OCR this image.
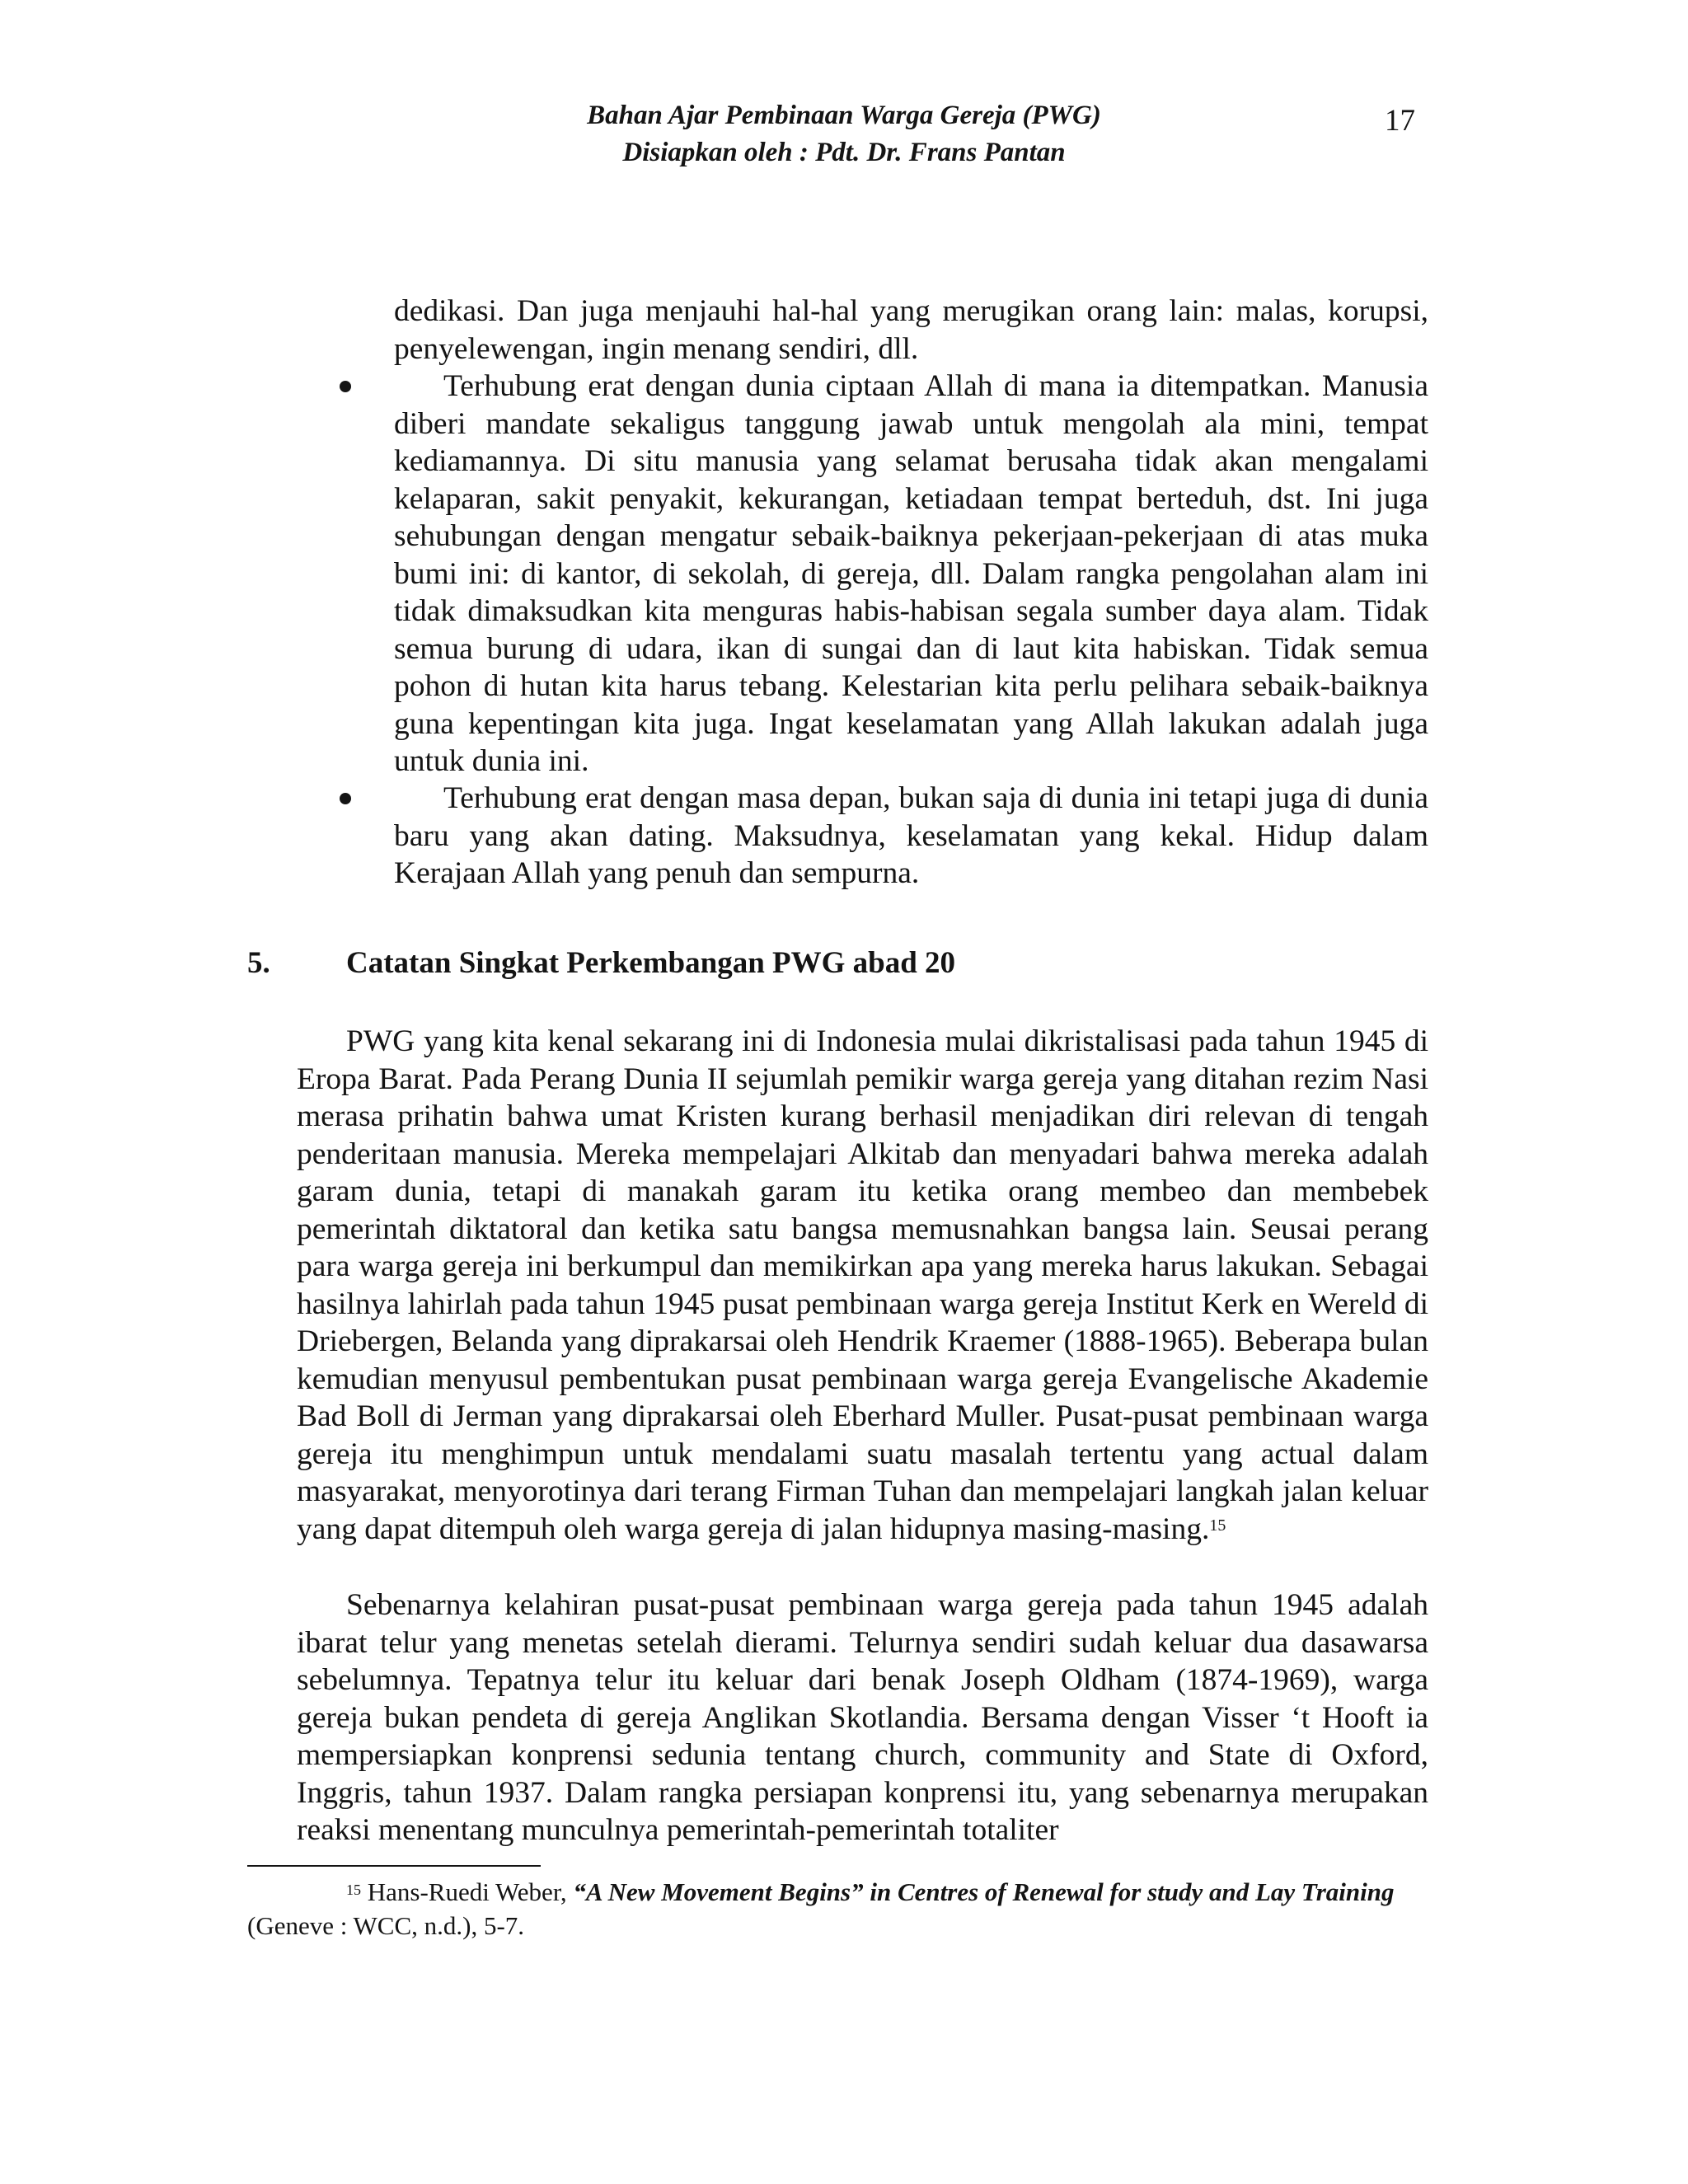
Bahan Ajar Pembinaan Warga Gereja (PWG)
Disiapkan oleh : Pdt. Dr. Frans Pantan
17
dedikasi. Dan juga menjauhi hal-hal yang merugikan orang lain: malas, korupsi, penyelewengan, ingin menang sendiri, dll.

Terhubung erat dengan dunia ciptaan Allah di mana ia ditempatkan. Manusia diberi mandate sekaligus tanggung jawab untuk mengolah ala mini, tempat kediamannya. Di situ manusia yang selamat berusaha tidak akan mengalami kelaparan, sakit penyakit, kekurangan, ketiadaan tempat berteduh, dst. Ini juga sehubungan dengan mengatur sebaik-baiknya pekerjaan-pekerjaan di atas muka bumi ini: di kantor, di sekolah, di gereja, dll. Dalam rangka pengolahan alam ini tidak dimaksudkan kita menguras habis-habisan segala sumber daya alam. Tidak semua burung di udara, ikan di sungai dan di laut kita habiskan. Tidak semua pohon di hutan kita harus tebang. Kelestarian kita perlu pelihara sebaik-baiknya guna kepentingan kita juga. Ingat keselamatan yang Allah lakukan adalah juga untuk dunia ini.

Terhubung erat dengan masa depan, bukan saja di dunia ini tetapi juga di dunia baru yang akan dating. Maksudnya, keselamatan yang kekal. Hidup dalam Kerajaan Allah yang penuh dan sempurna.

5. Catatan Singkat Perkembangan PWG abad 20

PWG yang kita kenal sekarang ini di Indonesia mulai dikristalisasi pada tahun 1945 di Eropa Barat. Pada Perang Dunia II sejumlah pemikir warga gereja yang ditahan rezim Nasi merasa prihatin bahwa umat Kristen kurang berhasil menjadikan diri relevan di tengah penderitaan manusia. Mereka mempelajari Alkitab dan menyadari bahwa mereka adalah garam dunia, tetapi di manakah garam itu ketika orang membeo dan membebek pemerintah diktatoral dan ketika satu bangsa memusnahkan bangsa lain. Seusai perang para warga gereja ini berkumpul dan memikirkan apa yang mereka harus lakukan. Sebagai hasilnya lahirlah pada tahun 1945 pusat pembinaan warga gereja Institut Kerk en Wereld di Driebergen, Belanda yang diprakarsai oleh Hendrik Kraemer (1888-1965). Beberapa bulan kemudian menyusul pembentukan pusat pembinaan warga gereja Evangelische Akademie Bad Boll di Jerman yang diprakarsai oleh Eberhard Muller. Pusat-pusat pembinaan warga gereja itu menghimpun untuk mendalami suatu masalah tertentu yang actual dalam masyarakat, menyorotinya dari terang Firman Tuhan dan mempelajari langkah jalan keluar yang dapat ditempuh oleh warga gereja di jalan hidupnya masing-masing.$^{15}$

Sebenarnya kelahiran pusat-pusat pembinaan warga gereja pada tahun 1945 adalah ibarat telur yang menetas setelah dierami. Telurnya sendiri sudah keluar dua dasawarsa sebelumnya. Tepatnya telur itu keluar dari benak Joseph Oldham (1874-1969), warga gereja bukan pendeta di gereja Anglikan Skotlandia. Bersama dengan Visser ‘t Hooft ia mempersiapkan konprensi sedunia tentang church, community and State di Oxford, Inggris, tahun 1937. Dalam rangka persiapan konprensi itu, yang sebenarnya merupakan reaksi menentang munculnya pemerintah-pemerintah totaliter

$^{15}$ Hans-Ruedi Weber, “A New Movement Begins” in Centres of Renewal for study and Lay Training (Geneve : WCC, n.d.), 5-7.
